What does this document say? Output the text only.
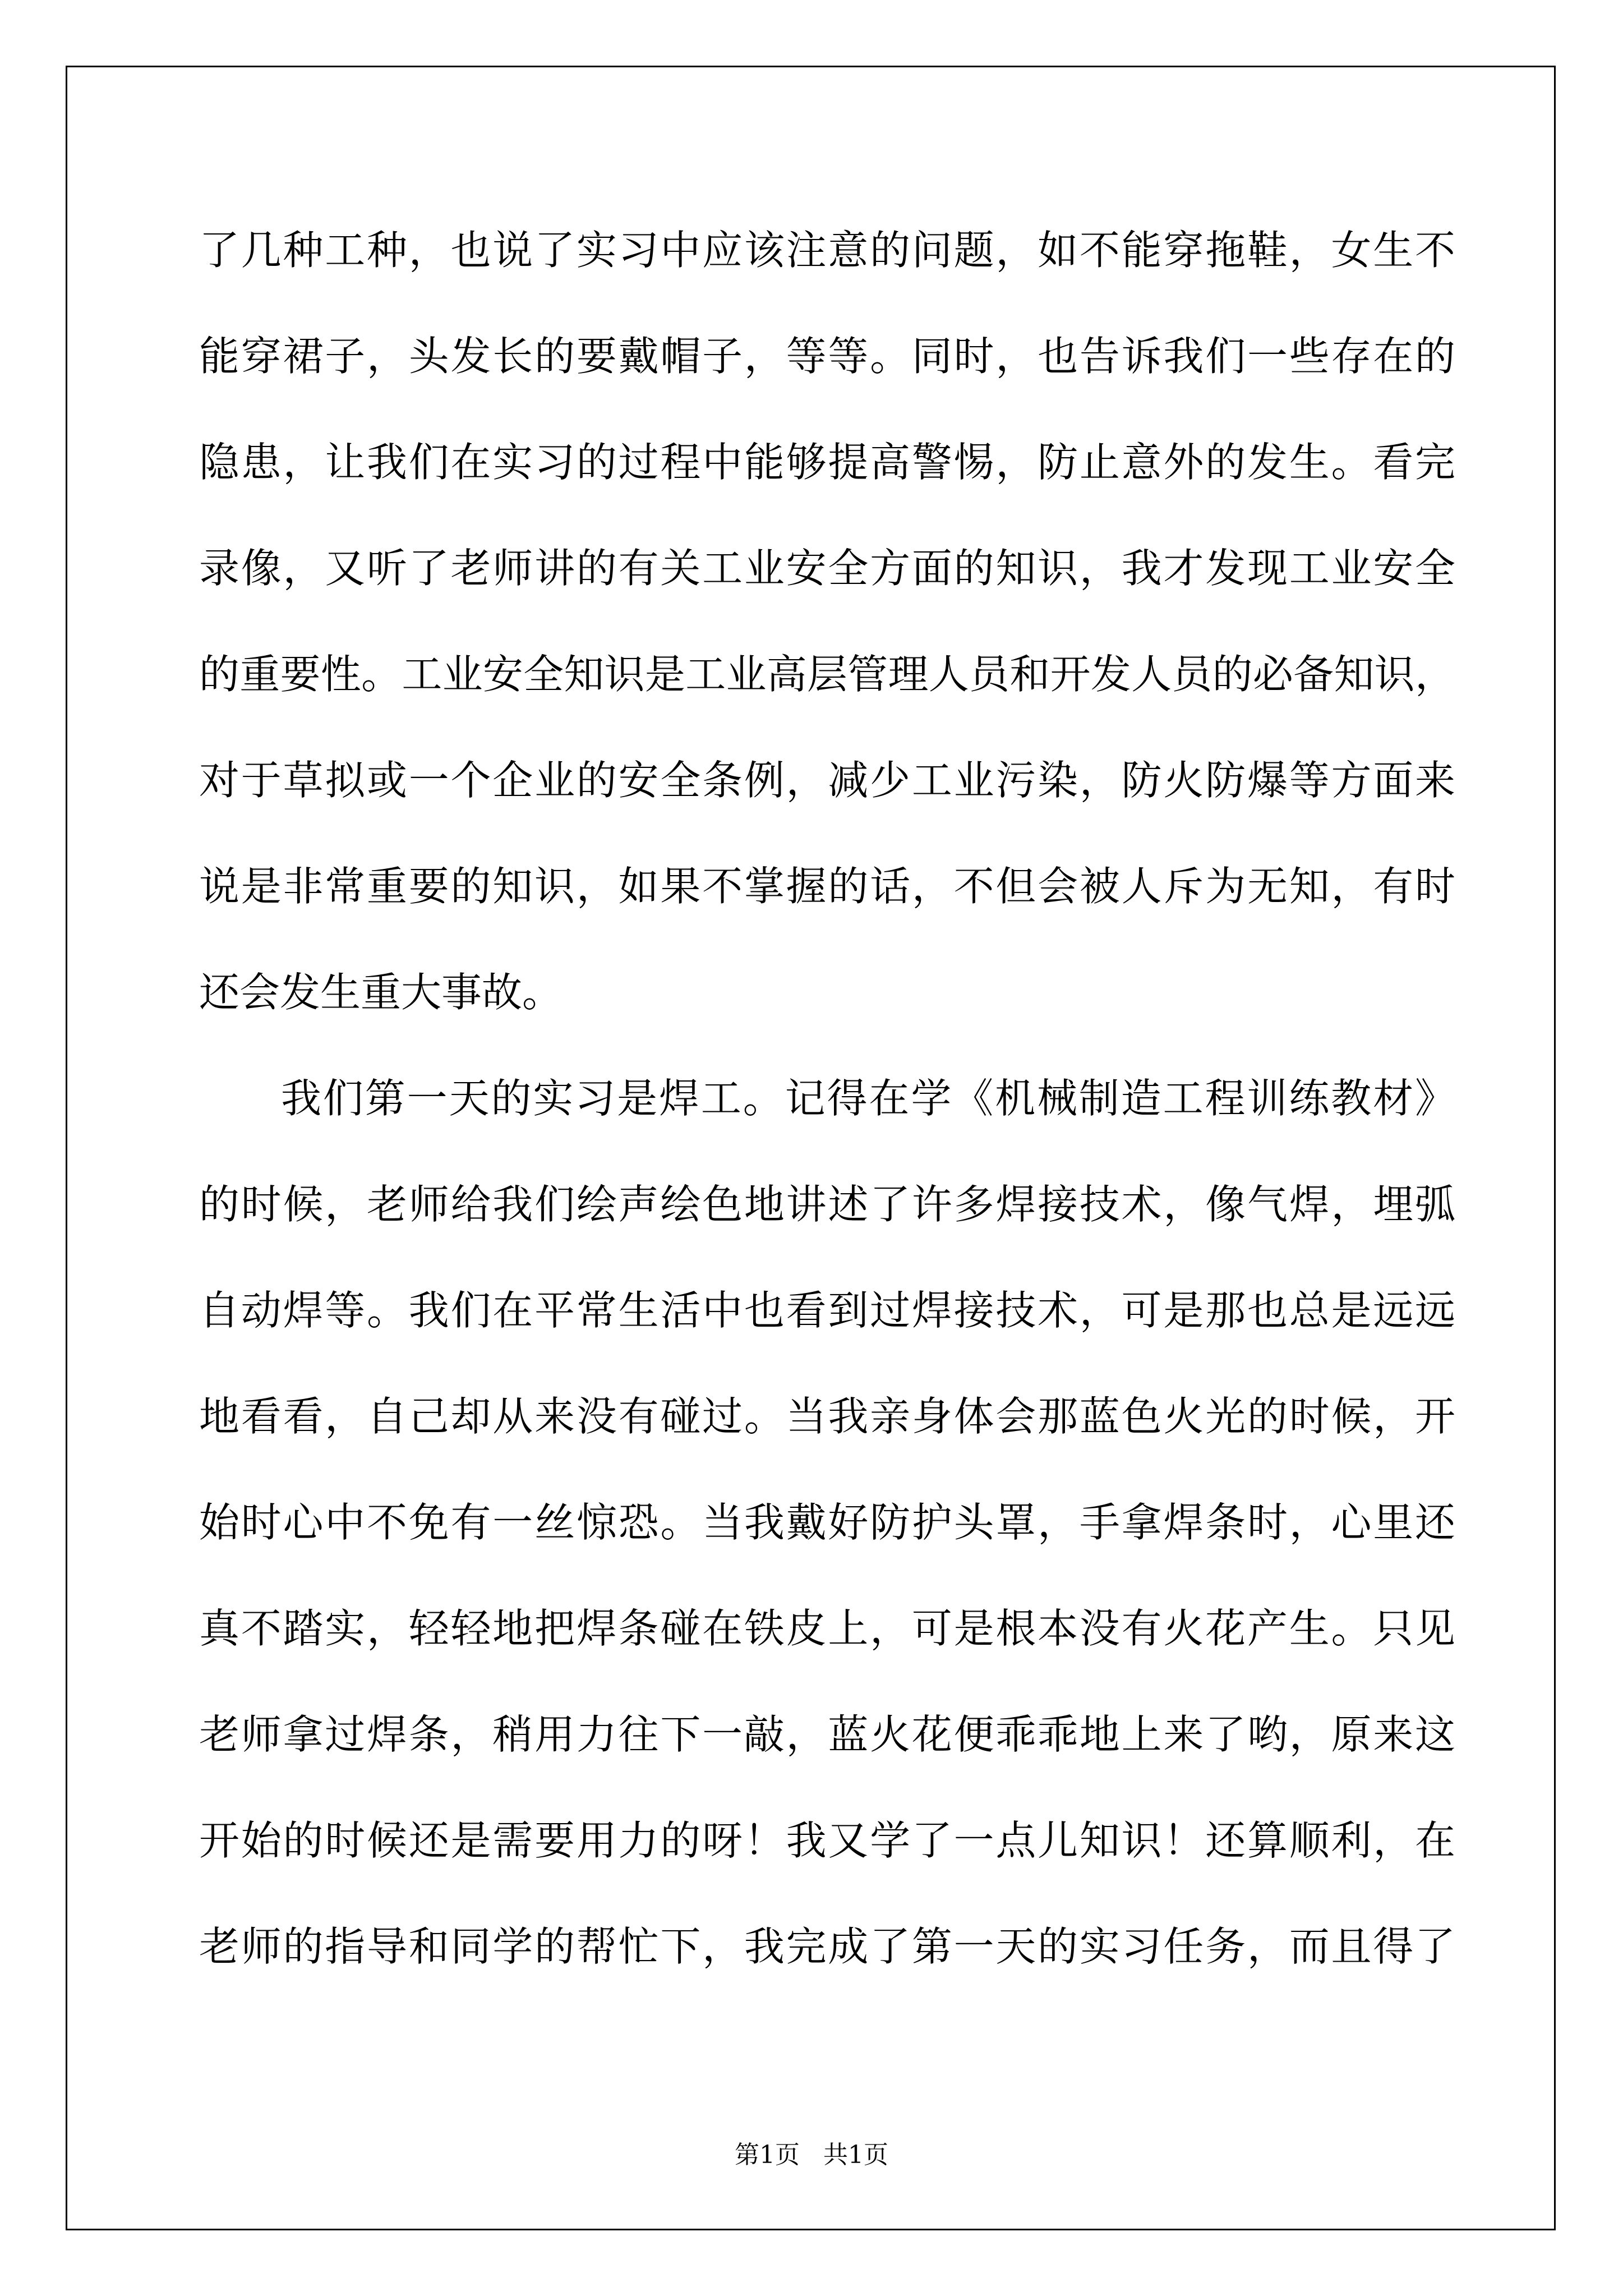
了几种工种，也说了实习中应该注意的问题，如不能穿拖鞋，女生不
能穿裙子，头发长的要戴帽子，等等。同时，也告诉我们一些存在的
隐患，让我们在实习的过程中能够提高警惕，防止意外的发生。看完
录像，又听了老师讲的有关工业安全方面的知识，我才发现工业安全
的重要性。工业安全知识是工业高层管理人员和开发人员的必备知识，
对于草拟或一个企业的安全条例，减少工业污染，防火防爆等方面来
说是非常重要的知识，如果不掌握的话，不但会被人斥为无知，有时
还会发生重大事故。
我们第一天的实习是焊工。记得在学《机械制造工程训练教材》
的时候，老师给我们绘声绘色地讲述了许多焊接技术，像气焊，埋弧
自动焊等。我们在平常生活中也看到过焊接技术，可是那也总是远远
地看看，自己却从来没有碰过。当我亲身体会那蓝色火光的时候，开
始时心中不免有一丝惊恐。当我戴好防护头罩，手拿焊条时，心里还
真不踏实，轻轻地把焊条碰在铁皮上，可是根本没有火花产生。只见
老师拿过焊条，稍用力往下一敲，蓝火花便乖乖地上来了哟，原来这
开始的时候还是需要用力的呀！我又学了一点儿知识！还算顺利，在
老师的指导和同学的帮忙下，我完成了第一天的实习任务，而且得了
第1页   共1页
